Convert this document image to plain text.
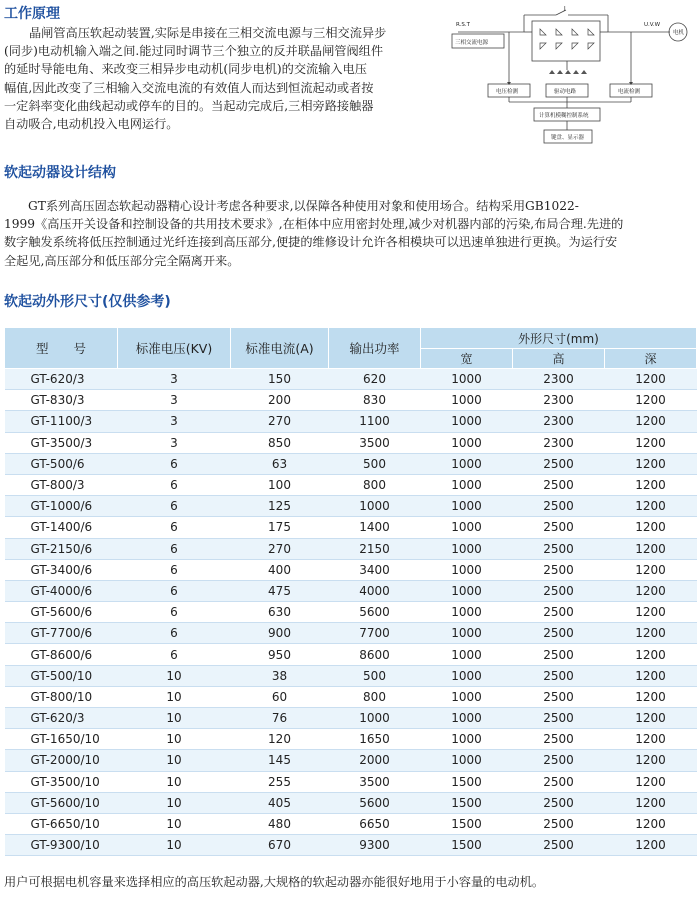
工作原理
晶闸管高压软起动装置,实际是串接在三相交流电源与三相交流异步
(同步)电动机输入端之间.能过同时调节三个独立的反并联晶闸管阀组件
的延时导能电角、来改变三相异步电动机(同步电机)的交流输入电压
幅值,因此改变了三相输入交流电流的有效值人而达到恒流起动或者按
一定斜率变化曲线起动或停车的目的。当起动完成后,三相旁路接触器
自动吸合,电动机投入电网运行。
R.S.T
J
U.V.W
电机
三相交流电源
电压检测	驱动电路	电流检测
计算机模糊控制系统
键盘、显示器
软起动器设计结构
GT系列高压固态软起动器精心设计考虑各种要求,以保障各种使用对象和使用场合。结构采用GB1022-
1999《高压开关设备和控制设备的共用技术要求》,在柜体中应用密封处理,减少对机器内部的污染,布局合理.先进的
数字触发系统将低压控制通过光纤连接到高压部分,便捷的维修设计允许各相模块可以迅速单独进行更换。为运行安
全起见,高压部分和低压部分完全隔离开来。
软起动外形尺寸(仅供参考)
型　　号	标准电压(KV)	标准电流(A)	输出功率	外形尺寸(mm)		
				宽	高	深
GT-620/3	3	150	620	1000	2300	1200
GT-830/3	3	200	830	1000	2300	1200
GT-1100/3	3	270	1100	1000	2300	1200
GT-3500/3	3	850	3500	1000	2300	1200
GT-500/6	6	63	500	1000	2500	1200
GT-800/3	6	100	800	1000	2500	1200
GT-1000/6	6	125	1000	1000	2500	1200
GT-1400/6	6	175	1400	1000	2500	1200
GT-2150/6	6	270	2150	1000	2500	1200
GT-3400/6	6	400	3400	1000	2500	1200
GT-4000/6	6	475	4000	1000	2500	1200
GT-5600/6	6	630	5600	1000	2500	1200
GT-7700/6	6	900	7700	1000	2500	1200
GT-8600/6	6	950	8600	1000	2500	1200
GT-500/10	10	38	500	1000	2500	1200
GT-800/10	10	60	800	1000	2500	1200
GT-620/3	10	76	1000	1000	2500	1200
GT-1650/10	10	120	1650	1000	2500	1200
GT-2000/10	10	145	2000	1000	2500	1200
GT-3500/10	10	255	3500	1500	2500	1200
GT-5600/10	10	405	5600	1500	2500	1200
GT-6650/10	10	480	6650	1500	2500	1200
GT-9300/10	10	670	9300	1500	2500	1200
用户可根据电机容量来选择相应的高压软起动器,大规格的软起动器亦能很好地用于小容量的电动机。
